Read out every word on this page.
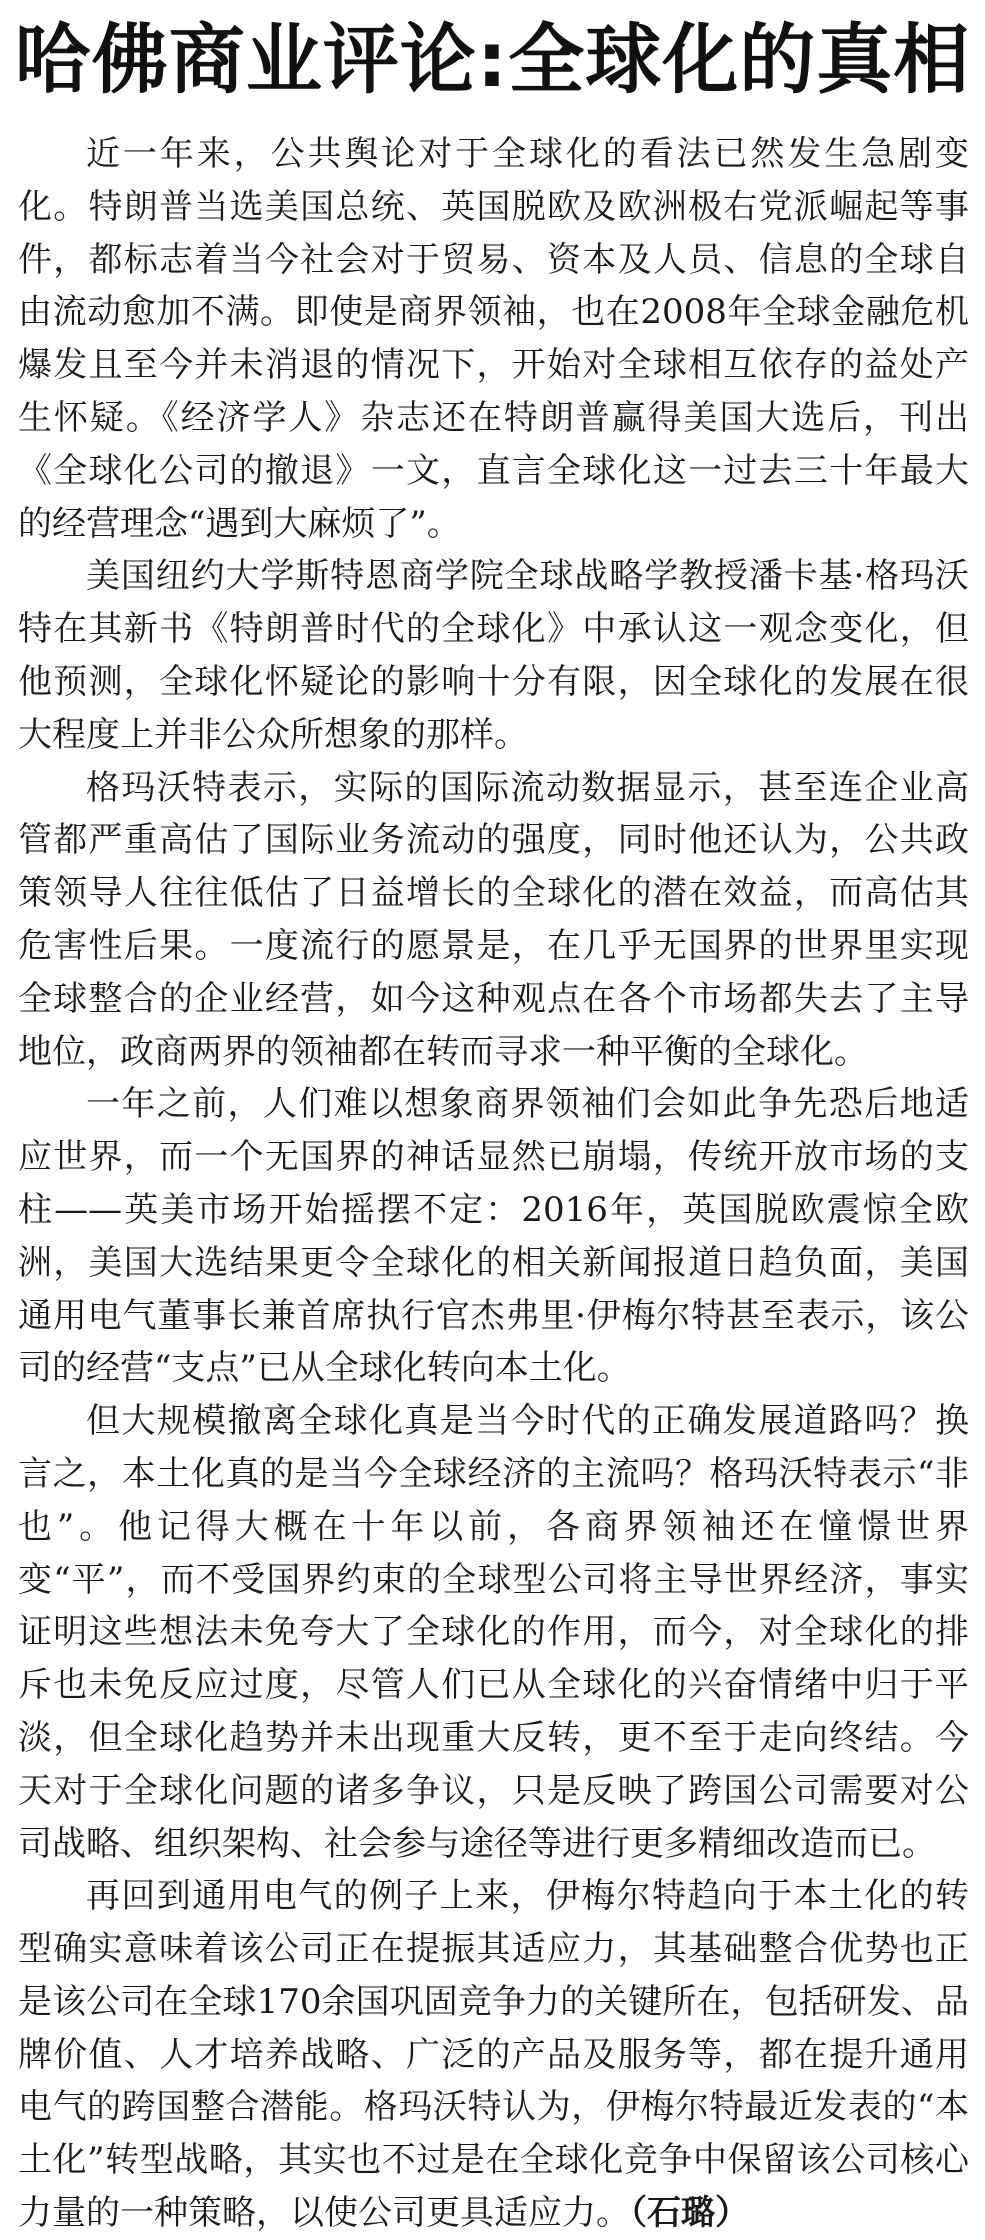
哈佛商业评论:全球化的真相

近一年来，公共舆论对于全球化的看法已然发生急剧变化。特朗普当选美国总统、英国脱欧及欧洲极右党派崛起等事件，都标志着当今社会对于贸易、资本及人员、信息的全球自由流动愈加不满。即使是商界领袖，也在2008年全球金融危机爆发且至今并未消退的情况下，开始对全球相互依存的益处产生怀疑。《经济学人》杂志还在特朗普赢得美国大选后，刊出《全球化公司的撤退》一文，直言全球化这一过去三十年最大的经营理念“遇到大麻烦了”。

美国纽约大学斯特恩商学院全球战略学教授潘卡基·格玛沃特在其新书《特朗普时代的全球化》中承认这一观念变化，但他预测，全球化怀疑论的影响十分有限，因全球化的发展在很大程度上并非公众所想象的那样。

格玛沃特表示，实际的国际流动数据显示，甚至连企业高管都严重高估了国际业务流动的强度，同时他还认为，公共政策领导人往往低估了日益增长的全球化的潜在效益，而高估其危害性后果。一度流行的愿景是，在几乎无国界的世界里实现全球整合的企业经营，如今这种观点在各个市场都失去了主导地位，政商两界的领袖都在转而寻求一种平衡的全球化。

一年之前，人们难以想象商界领袖们会如此争先恐后地适应世界，而一个无国界的神话显然已崩塌，传统开放市场的支柱——英美市场开始摇摆不定：2016年，英国脱欧震惊全欧洲，美国大选结果更令全球化的相关新闻报道日趋负面，美国通用电气董事长兼首席执行官杰弗里·伊梅尔特甚至表示，该公司的经营“支点”已从全球化转向本土化。

但大规模撤离全球化真是当今时代的正确发展道路吗？换言之，本土化真的是当今全球经济的主流吗？格玛沃特表示“非也”。他记得大概在十年以前，各商界领袖还在憧憬世界变“平”，而不受国界约束的全球型公司将主导世界经济，事实证明这些想法未免夸大了全球化的作用，而今，对全球化的排斥也未免反应过度，尽管人们已从全球化的兴奋情绪中归于平淡，但全球化趋势并未出现重大反转，更不至于走向终结。今天对于全球化问题的诸多争议，只是反映了跨国公司需要对公司战略、组织架构、社会参与途径等进行更多精细改造而已。

再回到通用电气的例子上来，伊梅尔特趋向于本土化的转型确实意味着该公司正在提振其适应力，其基础整合优势也正是该公司在全球170余国巩固竞争力的关键所在，包括研发、品牌价值、人才培养战略、广泛的产品及服务等，都在提升通用电气的跨国整合潜能。格玛沃特认为，伊梅尔特最近发表的“本土化”转型战略，其实也不过是在全球化竞争中保留该公司核心力量的一种策略，以使公司更具适应力。（石璐）
